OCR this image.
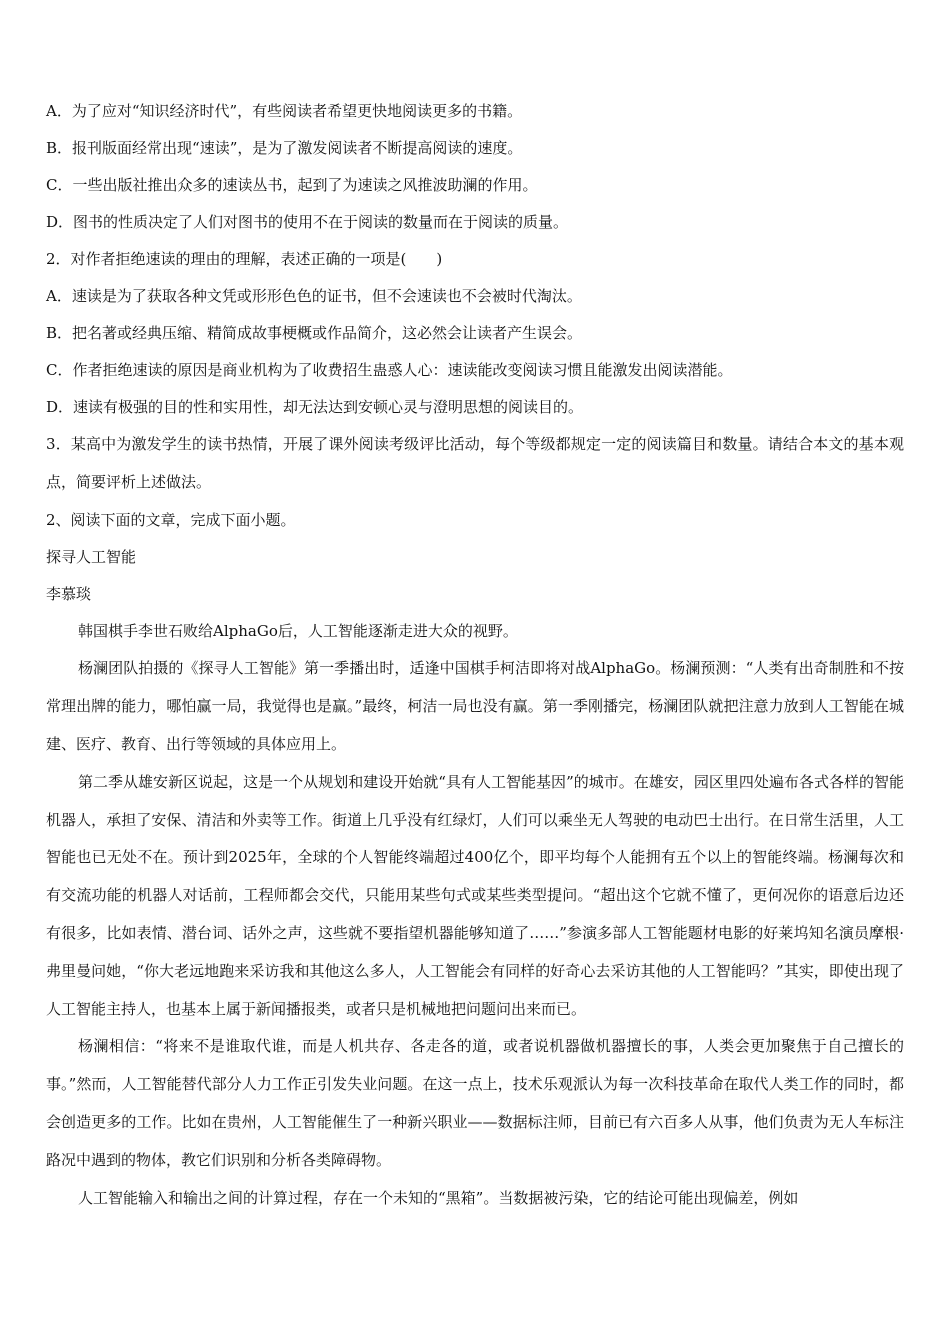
A．为了应对“知识经济时代”，有些阅读者希望更快地阅读更多的书籍。
B．报刊版面经常出现“速读”，是为了激发阅读者不断提高阅读的速度。
C．一些出版社推出众多的速读丛书，起到了为速读之风推波助澜的作用。
D．图书的性质决定了人们对图书的使用不在于阅读的数量而在于阅读的质量。
2．对作者拒绝速读的理由的理解，表述正确的一项是(　　)
A．速读是为了获取各种文凭或形形色色的证书，但不会速读也不会被时代淘汰。
B．把名著或经典压缩、精简成故事梗概或作品简介，这必然会让读者产生误会。
C．作者拒绝速读的原因是商业机构为了收费招生蛊惑人心：速读能改变阅读习惯且能激发出阅读潜能。
D．速读有极强的目的性和实用性，却无法达到安顿心灵与澄明思想的阅读目的。
3．某高中为激发学生的读书热情，开展了课外阅读考级评比活动，每个等级都规定一定的阅读篇目和数量。请结合本文的基本观点，简要评析上述做法。
2、阅读下面的文章，完成下面小题。
探寻人工智能
李慕琰
韩国棋手李世石败给AlphaGo后，人工智能逐渐走进大众的视野。
杨澜团队拍摄的《探寻人工智能》第一季播出时，适逢中国棋手柯洁即将对战AlphaGo。杨澜预测：“人类有出奇制胜和不按常理出牌的能力，哪怕赢一局，我觉得也是赢。”最终，柯洁一局也没有赢。第一季刚播完，杨澜团队就把注意力放到人工智能在城建、医疗、教育、出行等领域的具体应用上。
第二季从雄安新区说起，这是一个从规划和建设开始就“具有人工智能基因”的城市。在雄安，园区里四处遍布各式各样的智能机器人，承担了安保、清洁和外卖等工作。街道上几乎没有红绿灯，人们可以乘坐无人驾驶的电动巴士出行。在日常生活里，人工智能也已无处不在。预计到2025年，全球的个人智能终端超过400亿个，即平均每个人能拥有五个以上的智能终端。杨澜每次和有交流功能的机器人对话前，工程师都会交代，只能用某些句式或某些类型提问。“超出这个它就不懂了，更何况你的语意后边还有很多，比如表情、潜台词、话外之声，这些就不要指望机器能够知道了……”参演多部人工智能题材电影的好莱坞知名演员摩根·弗里曼问她，“你大老远地跑来采访我和其他这么多人，人工智能会有同样的好奇心去采访其他的人工智能吗？”其实，即使出现了人工智能主持人，也基本上属于新闻播报类，或者只是机械地把问题问出来而已。
杨澜相信：“将来不是谁取代谁，而是人机共存、各走各的道，或者说机器做机器擅长的事，人类会更加聚焦于自己擅长的事。”然而，人工智能替代部分人力工作正引发失业问题。在这一点上，技术乐观派认为每一次科技革命在取代人类工作的同时，都会创造更多的工作。比如在贵州，人工智能催生了一种新兴职业——数据标注师，目前已有六百多人从事，他们负责为无人车标注路况中遇到的物体，教它们识别和分析各类障碍物。
人工智能输入和输出之间的计算过程，存在一个未知的“黑箱”。当数据被污染，它的结论可能出现偏差，例如
